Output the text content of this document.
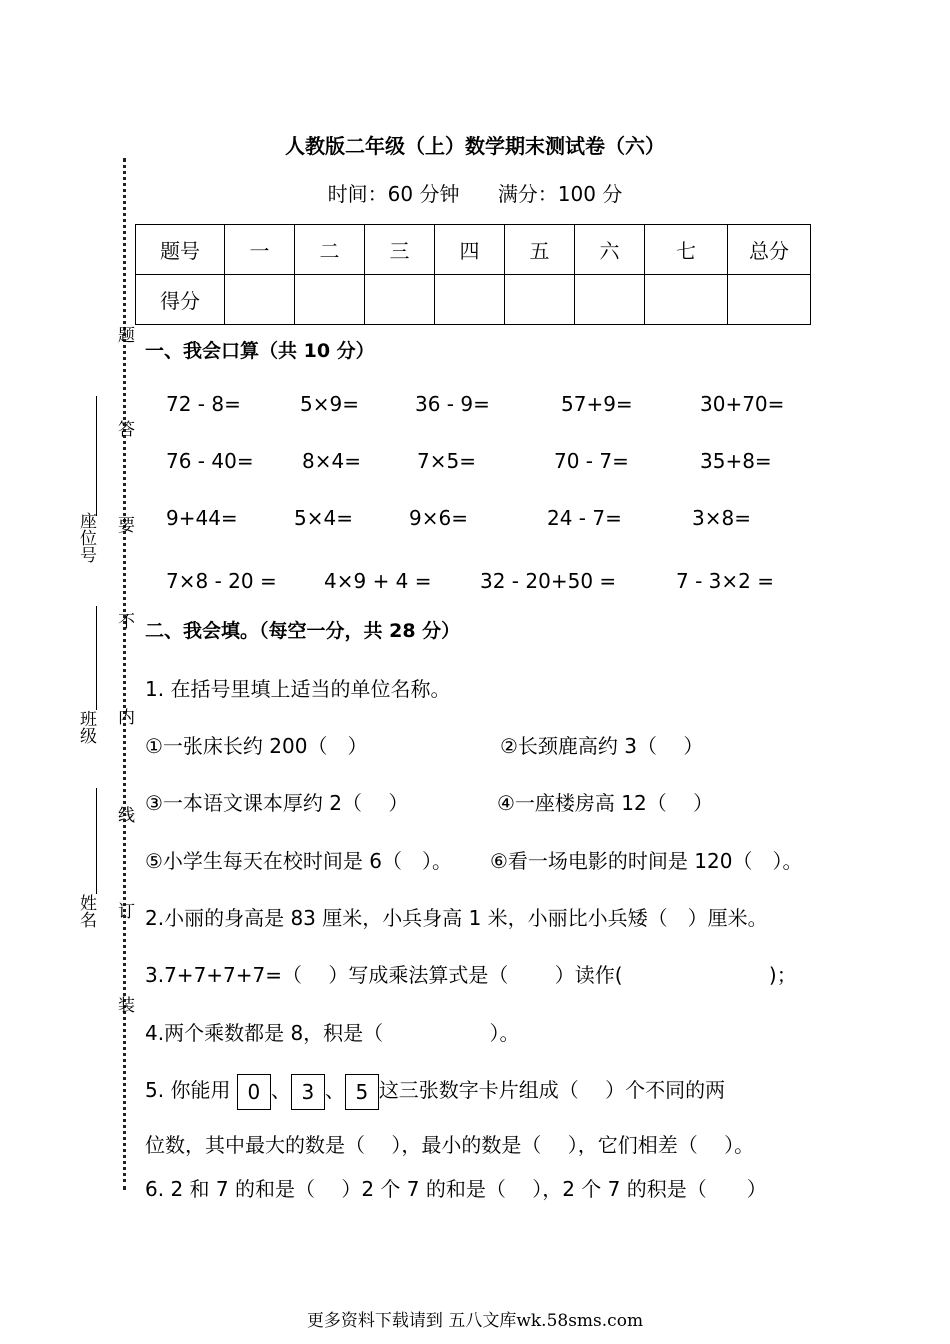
人教版二年级（上）数学期末测试卷（六）
时间：60 分钟 满分：100 分
题号	一	二	三	四	五	六	七	总分
得分								
题
答
要
不
内
线
订
装
座位号
班级
姓名
一、我会口算（共 10 分）
72 - 8=	5×9=	36 - 9=	57+9=	30+70=
76 - 40= 8×4=	7×5=	70 - 7=	35+8=
9+44=	5×4=	9×6=	24 - 7=	3×8=
7×8 - 20 = 4×9 + 4 = 32 - 20+50 =	7 - 3×2 =
二、我会填。（每空一分，共 28 分）
1. 在括号里填上适当的单位名称。
①一张床长约 200（　）	②长颈鹿高约 3（　 ）
③一本语文课本厚约 2（　 ）	④一座楼房高 12（　 ）
⑤小学生每天在校时间是 6（　）。 ⑥看一场电影的时间是 120（　）。
2.小丽的身高是 83 厘米，小兵身高 1 米，小丽比小兵矮（　）厘米。
3.7+7+7+7=（　 ）写成乘法算式是（　　 ）读作(　　　　　　　 )；
4.两个乘数都是 8，积是（　　　　　 ）。
5. 你能用 0 、 3 、 5 这三张数字卡片组成（　 ）个不同的两
位数，其中最大的数是（　 ），最小的数是（　 ），它们相差（　 ）。
6. 2 和 7 的和是（　 ）2 个 7 的和是（　 ），2 个 7 的积是（　　）
更多资料下载请到 五八文库wk.58sms.com
